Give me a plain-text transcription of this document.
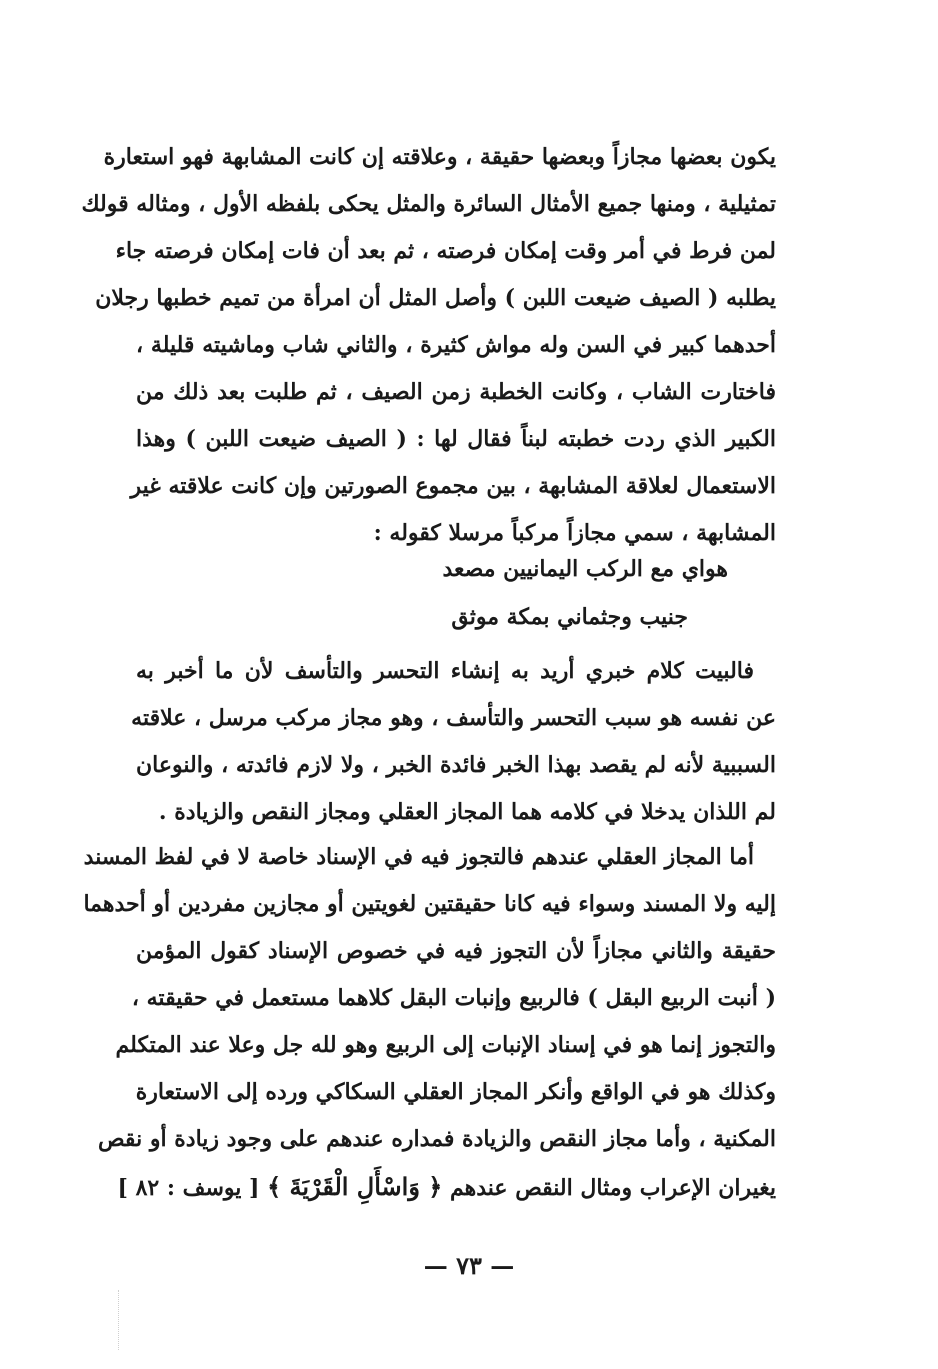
يكون بعضها مجازاً وبعضها حقيقة ، وعلاقته إن كانت المشابهة فهو استعارة
تمثيلية ، ومنها جميع الأمثال السائرة والمثل يحكى بلفظه الأول ، ومثاله قولك
لمن فرط في أمر وقت إمكان فرصته ، ثم بعد أن فات إمكان فرصته جاء
يطلبه ( الصيف ضيعت اللبن ) وأصل المثل أن امرأة من تميم خطبها رجلان
أحدهما كبير في السن وله مواش كثيرة ، والثاني شاب وماشيته قليلة ،
فاختارت الشاب ، وكانت الخطبة زمن الصيف ، ثم طلبت بعد ذلك من
الكبير الذي ردت خطبته لبناً فقال لها : ( الصيف ضيعت اللبن ) وهذا
الاستعمال لعلاقة المشابهة ، بين مجموع الصورتين وإن كانت علاقته غير
المشابهة ، سمي مجازاً مركباً مرسلا كقوله :
هواي مع الركب اليمانيين مصعد
جنيب وجثماني بمكة موثق
فالبيت كلام خبري أريد به إنشاء التحسر والتأسف لأن ما أخبر به
عن نفسه هو سبب التحسر والتأسف ، وهو مجاز مركب مرسل ، علاقته
السببية لأنه لم يقصد بهذا الخبر فائدة الخبر ، ولا لازم فائدته ، والنوعان
لم اللذان يدخلا في كلامه هما المجاز العقلي ومجاز النقص والزيادة .
أما المجاز العقلي عندهم فالتجوز فيه في الإسناد خاصة لا في لفظ المسند
إليه ولا المسند وسواء فيه كانا حقيقتين لغويتين أو مجازين مفردين أو أحدهما
حقيقة والثاني مجازاً لأن التجوز فيه في خصوص الإسناد كقول المؤمن
( أنبت الربيع البقل ) فالربيع وإنبات البقل كلاهما مستعمل في حقيقته ،
والتجوز إنما هو في إسناد الإنبات إلى الربيع وهو لله جل وعلا عند المتكلم
وكذلك هو في الواقع وأنكر المجاز العقلي السكاكي ورده إلى الاستعارة
المكنية ، وأما مجاز النقص والزيادة فمداره عندهم على وجود زيادة أو نقص
يغيران الإعراب ومثال النقص عندهم ﴿ وَاسْأَلِ الْقَرْيَةَ ﴾ [ يوسف : ٨٢ ]
— ٧٣ —
